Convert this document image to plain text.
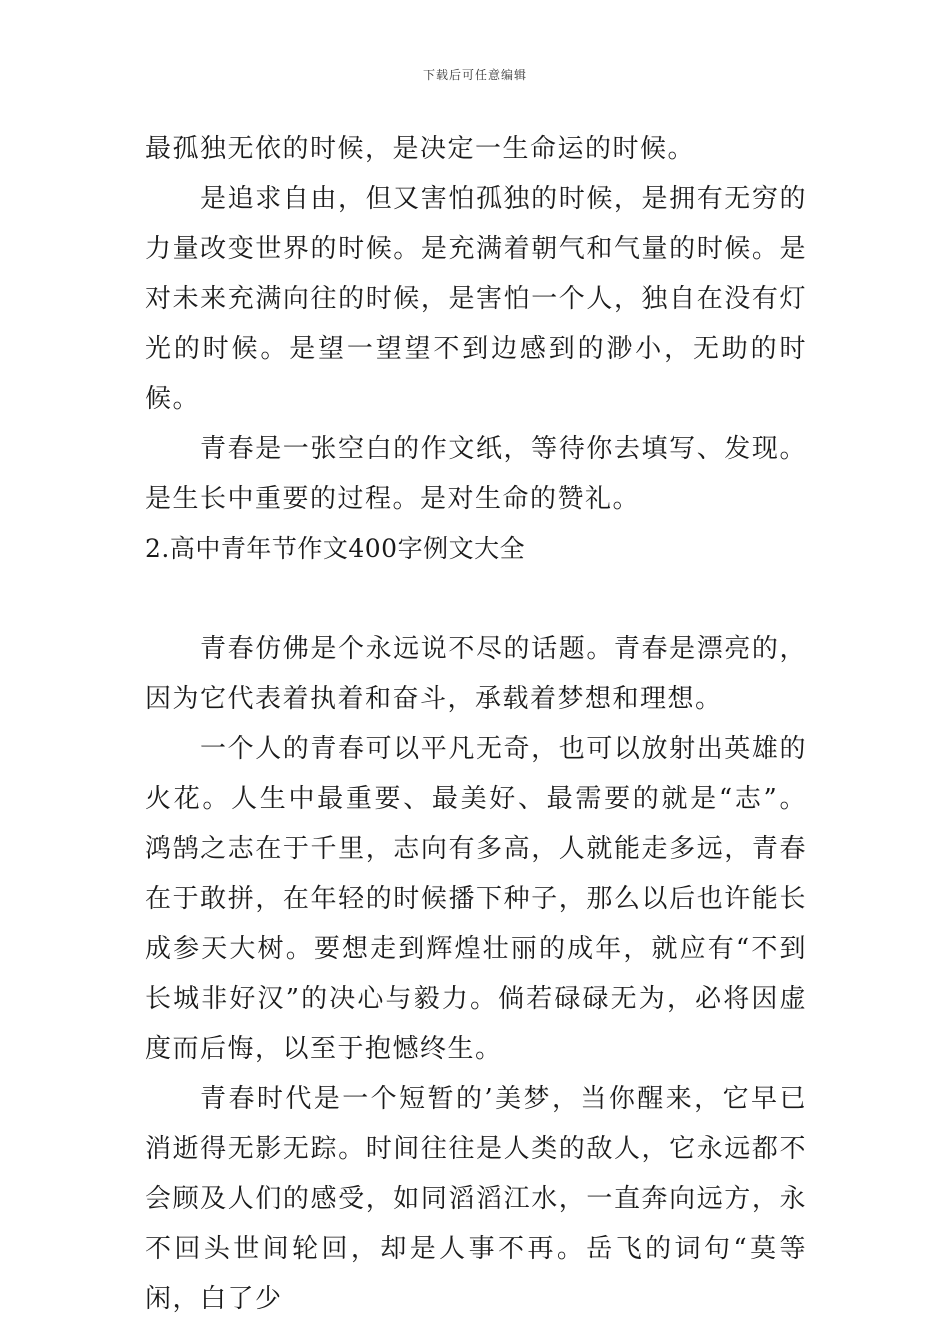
下载后可任意编辑

最孤独无依的时候，是决定一生命运的时候。

是追求自由，但又害怕孤独的时候，是拥有无穷的力量改变世界的时候。是充满着朝气和气量的时候。是对未来充满向往的时候，是害怕一个人，独自在没有灯光的时候。是望一望望不到边感到的渺小，无助的时候。

青春是一张空白的作文纸，等待你去填写、发现。是生长中重要的过程。是对生命的赞礼。

2.高中青年节作文400字例文大全

青春仿佛是个永远说不尽的话题。青春是漂亮的，因为它代表着执着和奋斗，承载着梦想和理想。

一个人的青春可以平凡无奇，也可以放射出英雄的火花。人生中最重要、最美好、最需要的就是“志”。鸿鹄之志在于千里，志向有多高，人就能走多远，青春在于敢拼，在年轻的时候播下种子，那么以后也许能长成参天大树。要想走到辉煌壮丽的成年，就应有“不到长城非好汉”的决心与毅力。倘若碌碌无为，必将因虚度而后悔，以至于抱憾终生。

青春时代是一个短暂的’美梦，当你醒来，它早已消逝得无影无踪。时间往往是人类的敌人，它永远都不会顾及人们的感受，如同滔滔江水，一直奔向远方，永不回头世间轮回，却是人事不再。岳飞的词句“莫等闲，白了少
